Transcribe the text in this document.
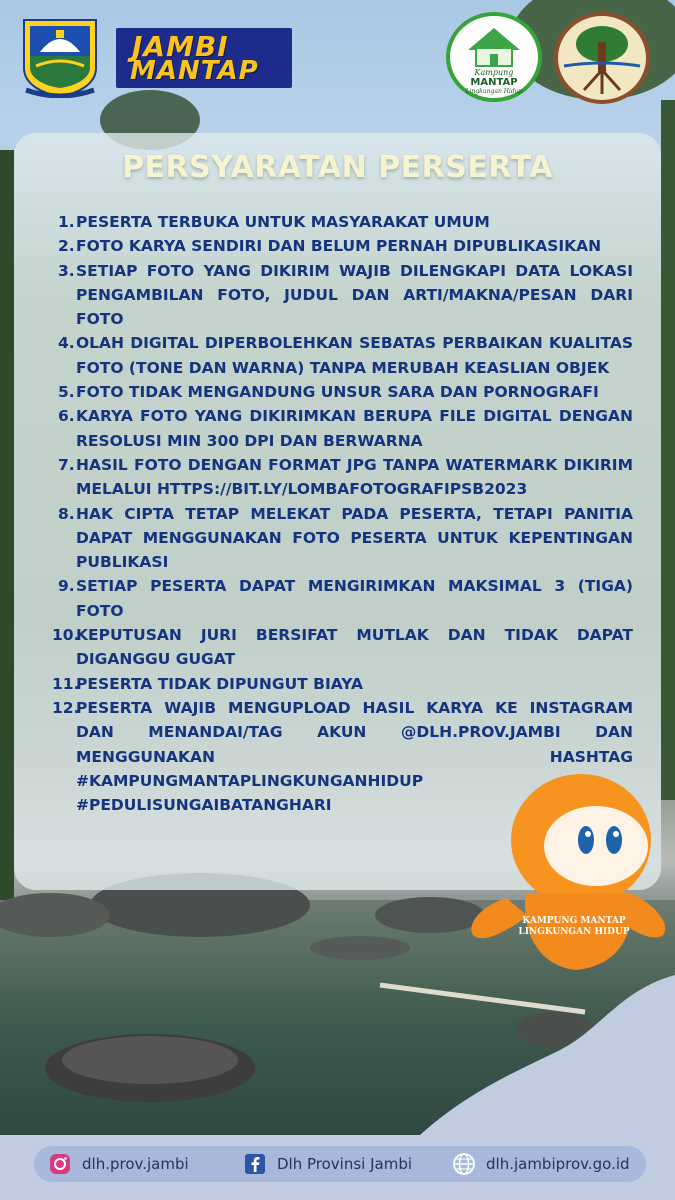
JAMBI
MANTAP	Kampung
MANTAP
Lingkungan Hidup
PERSYARATAN PERSERTA
1. PESERTA TERBUKA UNTUK MASYARAKAT UMUM
2. FOTO KARYA SENDIRI DAN BELUM PERNAH DIPUBLIKASIKAN
3. SETIAP FOTO YANG DIKIRIM WAJIB DILENGKAPI DATA LOKASI PENGAMBILAN FOTO, JUDUL DAN ARTI/MAKNA/PESAN DARI FOTO
4. OLAH DIGITAL DIPERBOLEHKAN SEBATAS PERBAIKAN KUALITAS FOTO (TONE DAN WARNA) TANPA MERUBAH KEASLIAN OBJEK
5. FOTO TIDAK MENGANDUNG UNSUR SARA DAN PORNOGRAFI
6. KARYA FOTO YANG DIKIRIMKAN BERUPA FILE DIGITAL DENGAN RESOLUSI MIN 300 DPI DAN BERWARNA
7. HASIL FOTO DENGAN FORMAT JPG TANPA WATERMARK DIKIRIM MELALUI HTTPS://BIT.LY/LOMBAFOTOGRAFIPSB2023
8. HAK CIPTA TETAP MELEKAT PADA PESERTA, TETAPI PANITIA DAPAT MENGGUNAKAN FOTO PESERTA UNTUK KEPENTINGAN PUBLIKASI
9. SETIAP PESERTA DAPAT MENGIRIMKAN MAKSIMAL 3 (TIGA) FOTO
10.
KEPUTUSAN JURI BERSIFAT MUTLAK DAN TIDAK DAPAT DIGANGGU GUGAT
11.
PESERTA TIDAK DIPUNGUT BIAYA
12.
PESERTA WAJIB MENGUPLOAD HASIL KARYA KE INSTAGRAM DAN MENANDAI/TAG AKUN @DLH.PROV.JAMBI DAN MENGGUNAKAN HASHTAG #KAMPUNGMANTAPLINGKUNGANHIDUP #PEDULISUNGAIBATANGHARI
KAMPUNG MANTAP
LINGKUNGAN HIDUP
dlh.prov.jambi	Dlh Provinsi Jambi	dlh.jambiprov.go.id
